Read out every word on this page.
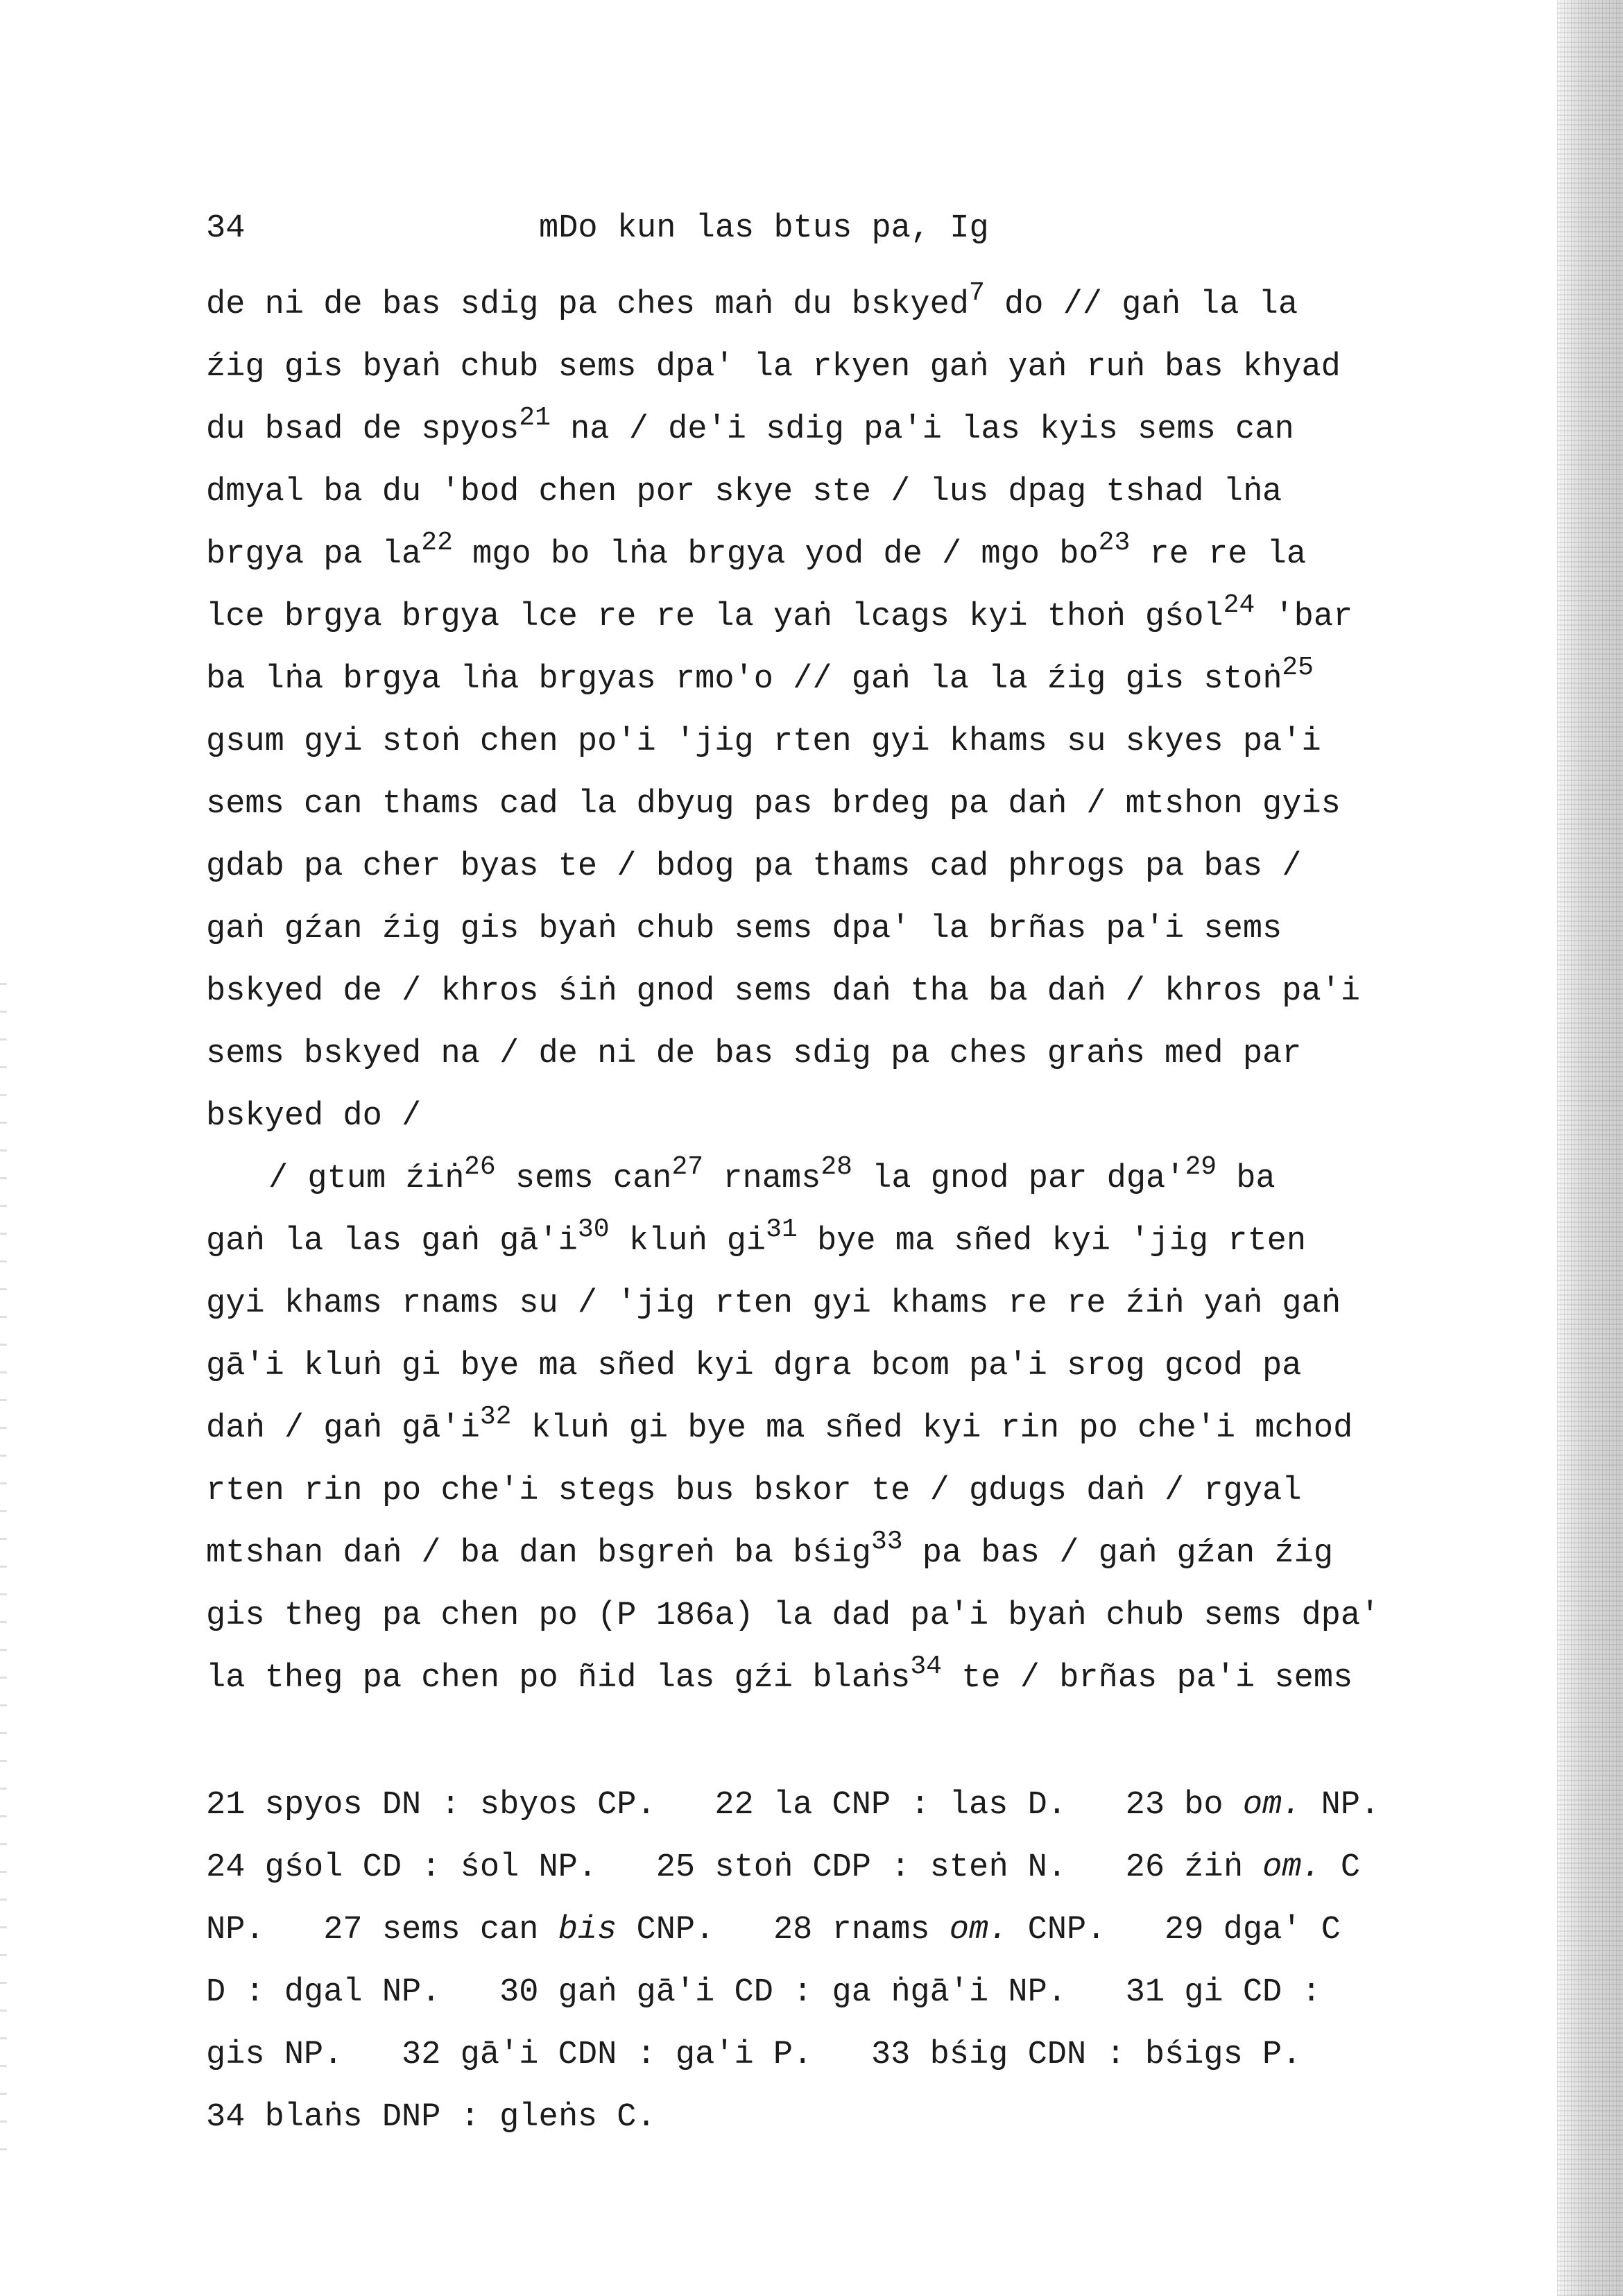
34	mDo kun las btus pa, Ig
de ni de bas sdig pa ches maṅ du bskyed$^7$ do // gaṅ la la
źig gis byaṅ chub sems dpa' la rkyen gaṅ yaṅ ruṅ bas khyad
du bsad de spyos$^{21}$ na / de'i sdig pa'i las kyis sems can
dmyal ba du 'bod chen por skye ste / lus dpag tshad lṅa
brgya pa $la^{22}$ mgo bo lṅa brgya yod de / mgo $bo^{23}$ re re la
lce brgya brgya lce re re la yaṅ lcags kyi thoṅ gśol$^{24}$ 'bar
ba lṅa brgya lṅa brgyas rmo'o // gaṅ la la źig gis stoṅ$^{25}$
gsum gyi stoṅ chen po'i 'jig rten gyi khams su skyes pa'i
sems can thams cad la dbyug pas brdeg pa daṅ / mtshon gyis
gdab pa cher byas te / bdog pa thams cad phrogs pa bas /
gaṅ gźan źig gis byaṅ chub sems dpa' la brñas pa'i sems
bskyed de / khros śiṅ gnod sems daṅ tha ba daṅ / khros pa'i
sems bskyed na / de ni de bas sdig pa ches graṅs med par
bskyed do /
/ gtum źiṅ$^{26}$ sems can$^{27}$ rnams$^{28}$ la gnod par $dga'^{29}$ ba
gaṅ la las gaṅ $gā'i^{30}$ kluṅ $gi^{31}$ bye ma sñed kyi 'jig rten
gyi khams rnams su / 'jig rten gyi khams re re źiṅ yaṅ gaṅ
gā'i kluṅ gi bye ma sñed kyi dgra bcom pa'i srog gcod pa
daṅ / gaṅ $gā'i^{32}$ kluṅ gi bye ma sñed kyi rin po che'i mchod
rten rin po che'i stegs bus bskor te / gdugs daṅ / rgyal
mtshan daṅ / ba dan bsgreṅ ba bśig$^{33}$ pa bas / gaṅ gźan źig
gis theg pa chen po (P 186a) la dad pa'i byaṅ chub sems dpa'
la theg pa chen po ñid las gźi blaṅs$^{34}$ te / brñas pa'i sems
21 spyos DN : sbyos CP.   22 la CNP : las D.   23 bo om. NP.
24 gśol CD : śol NP.   25 stoṅ CDP : steṅ N.   26 źiṅ om. C
NP.   27 sems can bis CNP.   28 rnams om. CNP.   29 dga' C
D : dgal NP.   30 gaṅ gā'i CD : ga ṅgā'i NP.   31 gi CD :
gis NP.   32 gā'i CDN : ga'i P.   33 bśig CDN : bśigs P.
34 blaṅs DNP : gleṅs C.
